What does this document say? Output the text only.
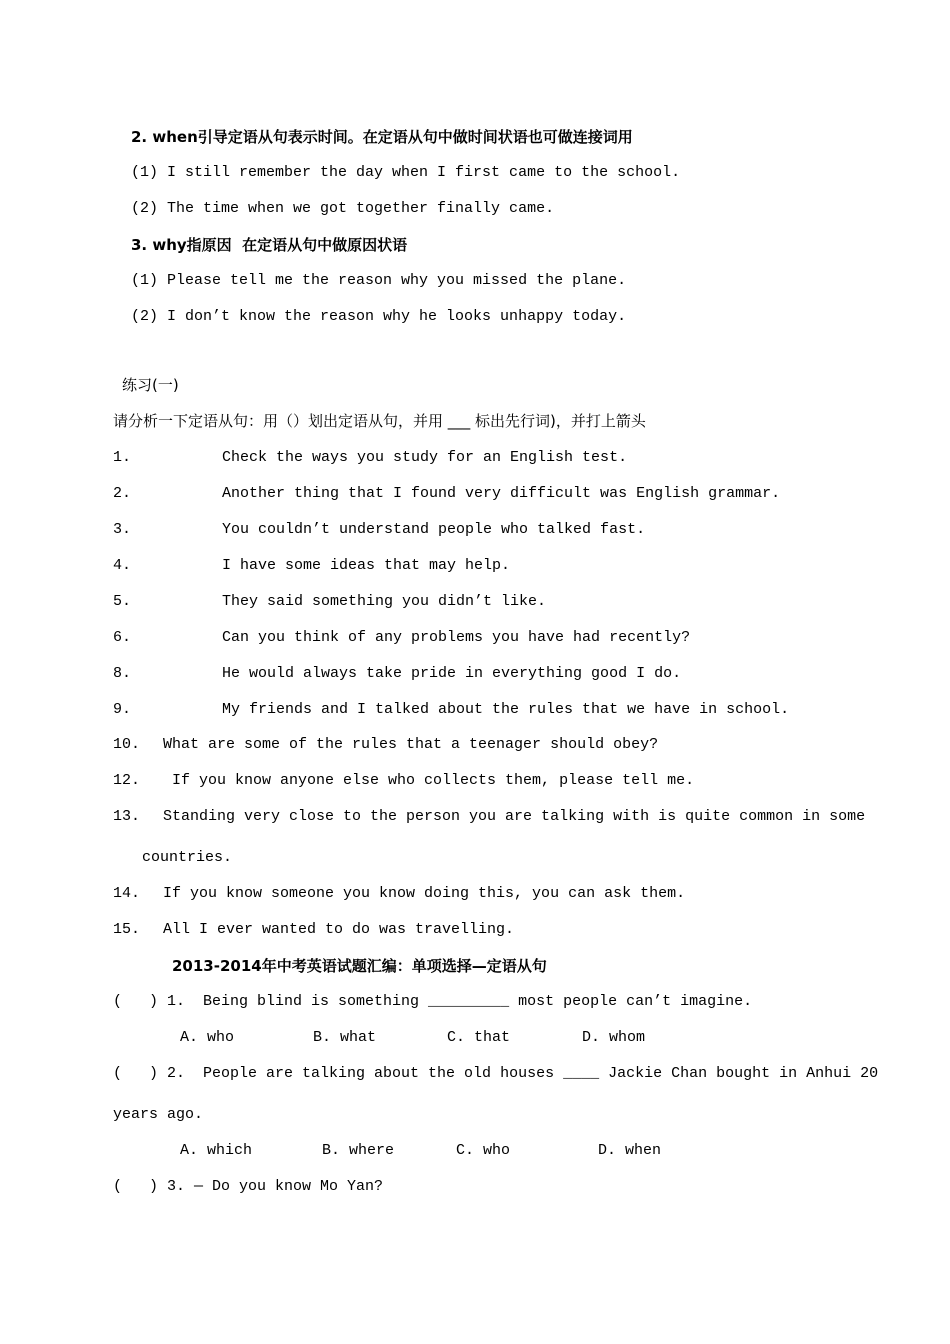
2. when引导定语从句表示时间。在定语从句中做时间状语也可做连接词用
(1) I still remember the day when I first came to the school.
(2) The time when we got together finally came.
3. why指原因  在定语从句中做原因状语
(1) Please tell me the reason why you missed the plane.
(2) I don’t know the reason why he looks unhappy today.
练习(一)
请分析一下定语从句：用（）划出定语从句，并用 ___ 标出先行词)，并打上箭头
1.	Check the ways you study for an English test.
2.	Another thing that I found very difficult was English grammar.
3.	You couldn’t understand people who talked fast.
4.	I have some ideas that may help.
5.	They said something you didn’t like.
6.	Can you think of any problems you have had recently?
8.	He would always take pride in everything good I do.
9.	My friends and I talked about the rules that we have in school.
10. What are some of the rules that a teenager should obey?
12. If you know anyone else who collects them, please tell me.
13. Standing very close to the person you are talking with is quite common in some
countries.
14. If you know someone you know doing this, you can ask them.
15. All I ever wanted to do was travelling.
2013-2014年中考英语试题汇编：单项选择—定语从句
(   ) 1.  Being blind is something _________ most people can’t imagine.
A. who	B. what	C. that	D. whom
(   ) 2.  People are talking about the old houses ____ Jackie Chan bought in Anhui 20
years ago.
A. which	B. where	C. who	D. when
(   ) 3. — Do you know Mo Yan?
